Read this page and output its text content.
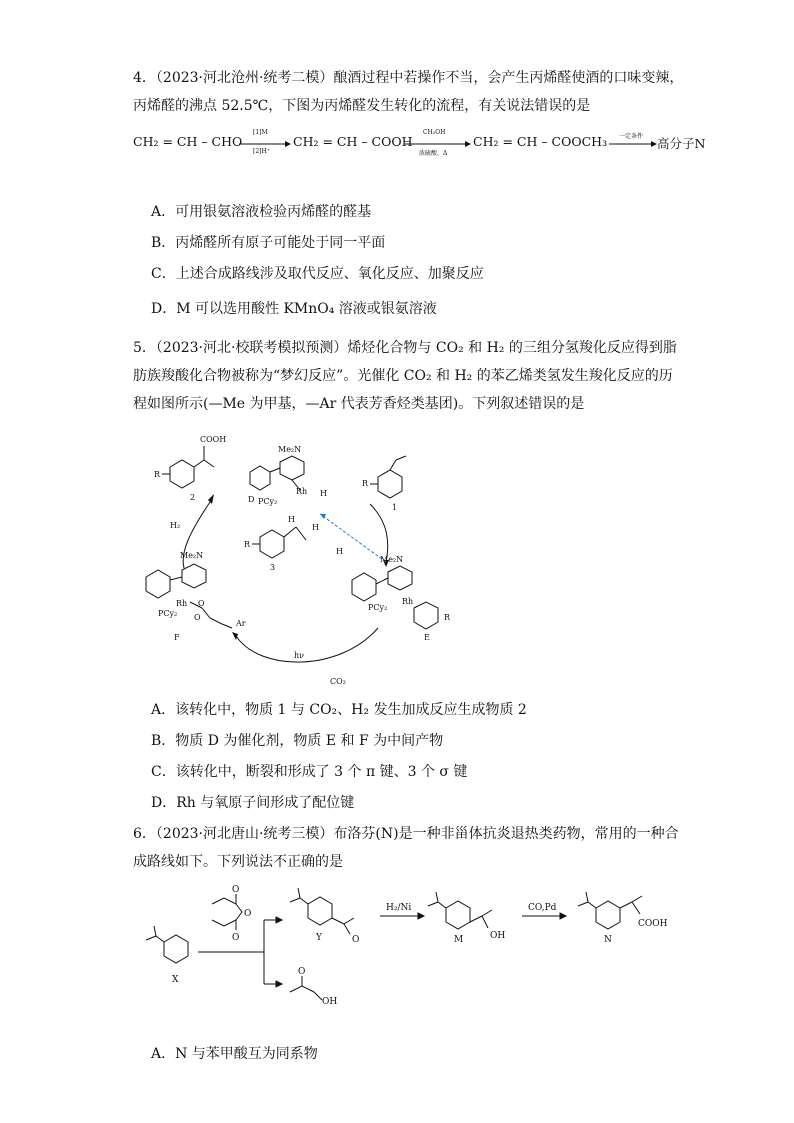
4．（2023·河北沧州·统考二模）酿酒过程中若操作不当，会产生丙烯醛使酒的口味变辣，
丙烯醛的沸点 52.5℃，下图为丙烯醛发生转化的流程，有关说法错误的是
CH₂ = CH – CHO
[1]M
[2]H⁺
CH₂ = CH – COOH
CH₃OH
浓硫酸，Δ
CH₂ = CH – COOCH₃ 一定条件 高分子N
A．可用银氨溶液检验丙烯醛的醛基
B．丙烯醛所有原子可能处于同一平面
C．上述合成路线涉及取代反应、氧化反应、加聚反应
D．M 可以选用酸性 KMnO₄ 溶液或银氨溶液
5．（2023·河北·校联考模拟预测）烯烃化合物与 CO₂ 和 H₂ 的三组分氢羧化反应得到脂
肪族羧酸化合物被称为“梦幻反应”。光催化 CO₂ 和 H₂ 的苯乙烯类氢发生羧化反应的历
程如图所示(—Me 为甲基，—Ar 代表芳香烃类基团)。下列叙述错误的是
COOH
R
2
Me₂N
Rh H
PCy₂
D
R
1
H₂
H
H
H
R
3
Me₂N
Rh O
O
Ar
PCy₂
F
Me₂N
Rh
PCy₂
E
R
hν
CO₂
A．该转化中，物质 1 与 CO₂、H₂ 发生加成反应生成物质 2
B．物质 D 为催化剂，物质 E 和 F 为中间产物
C．该转化中，断裂和形成了 3 个 π 键、3 个 σ 键
D．Rh 与氧原子间形成了配位键
6．（2023·河北唐山·统考三模）布洛芬(N)是一种非甾体抗炎退热类药物，常用的一种合
成路线如下。下列说法不正确的是
X
O
O
O	Y	O
O
OH
H₂/Ni
M	OH
CO,Pd
N
COOH
A．N 与苯甲酸互为同系物
